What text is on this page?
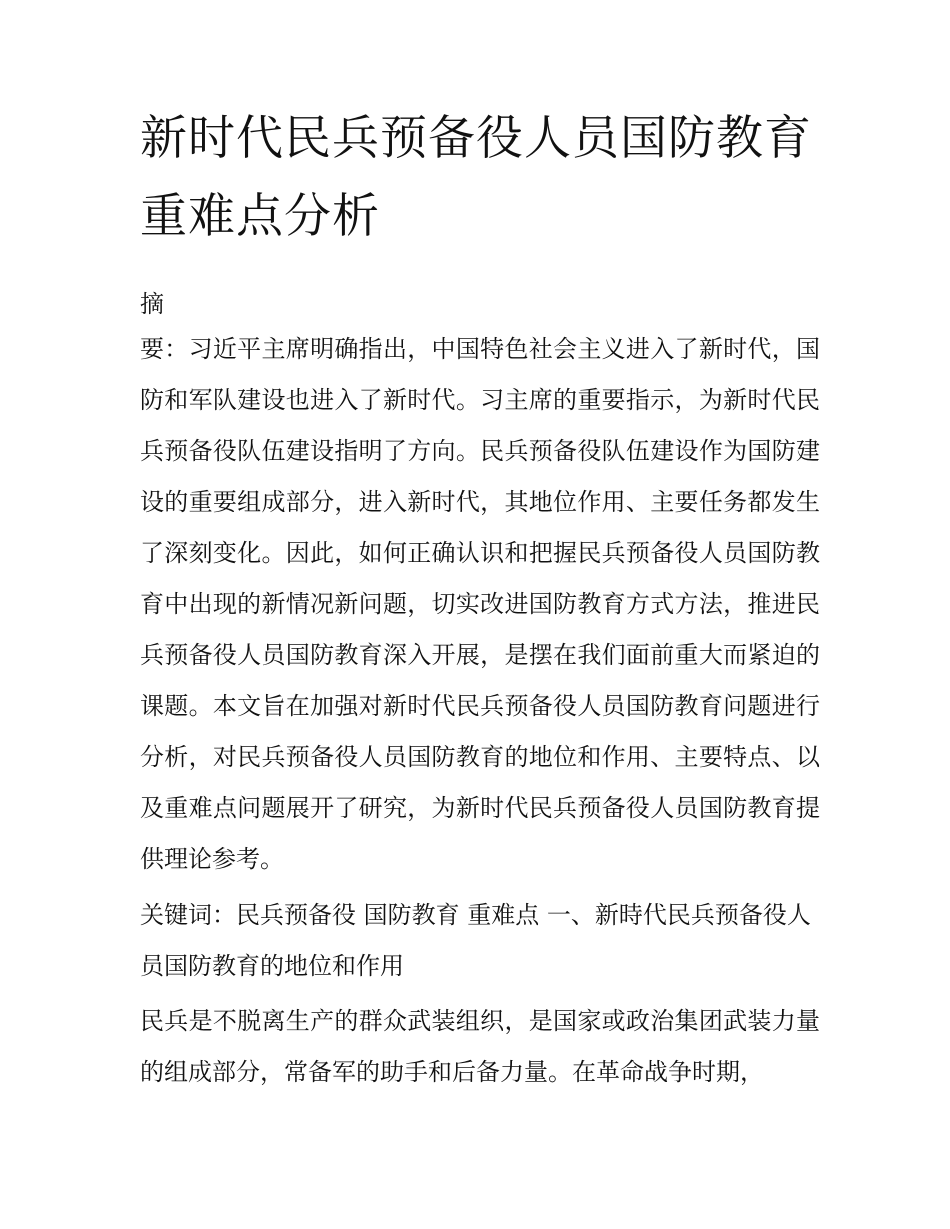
新时代民兵预备役人员国防教育重难点分析

摘

要：习近平主席明确指出，中国特色社会主义进入了新时代，国防和军队建设也进入了新时代。习主席的重要指示，为新时代民兵预备役队伍建设指明了方向。民兵预备役队伍建设作为国防建设的重要组成部分，进入新时代，其地位作用、主要任务都发生了深刻变化。因此，如何正确认识和把握民兵预备役人员国防教育中出现的新情况新问题，切实改进国防教育方式方法，推进民兵预备役人员国防教育深入开展，是摆在我们面前重大而紧迫的课题。本文旨在加强对新时代民兵预备役人员国防教育问题进行分析，对民兵预备役人员国防教育的地位和作用、主要特点、以及重难点问题展开了研究，为新时代民兵预备役人员国防教育提供理论参考。

关键词：民兵预备役 国防教育 重难点 一、新時代民兵预备役人员国防教育的地位和作用

民兵是不脱离生产的群众武装组织，是国家或政治集团武装力量的组成部分，常备军的助手和后备力量。在革命战争时期，
